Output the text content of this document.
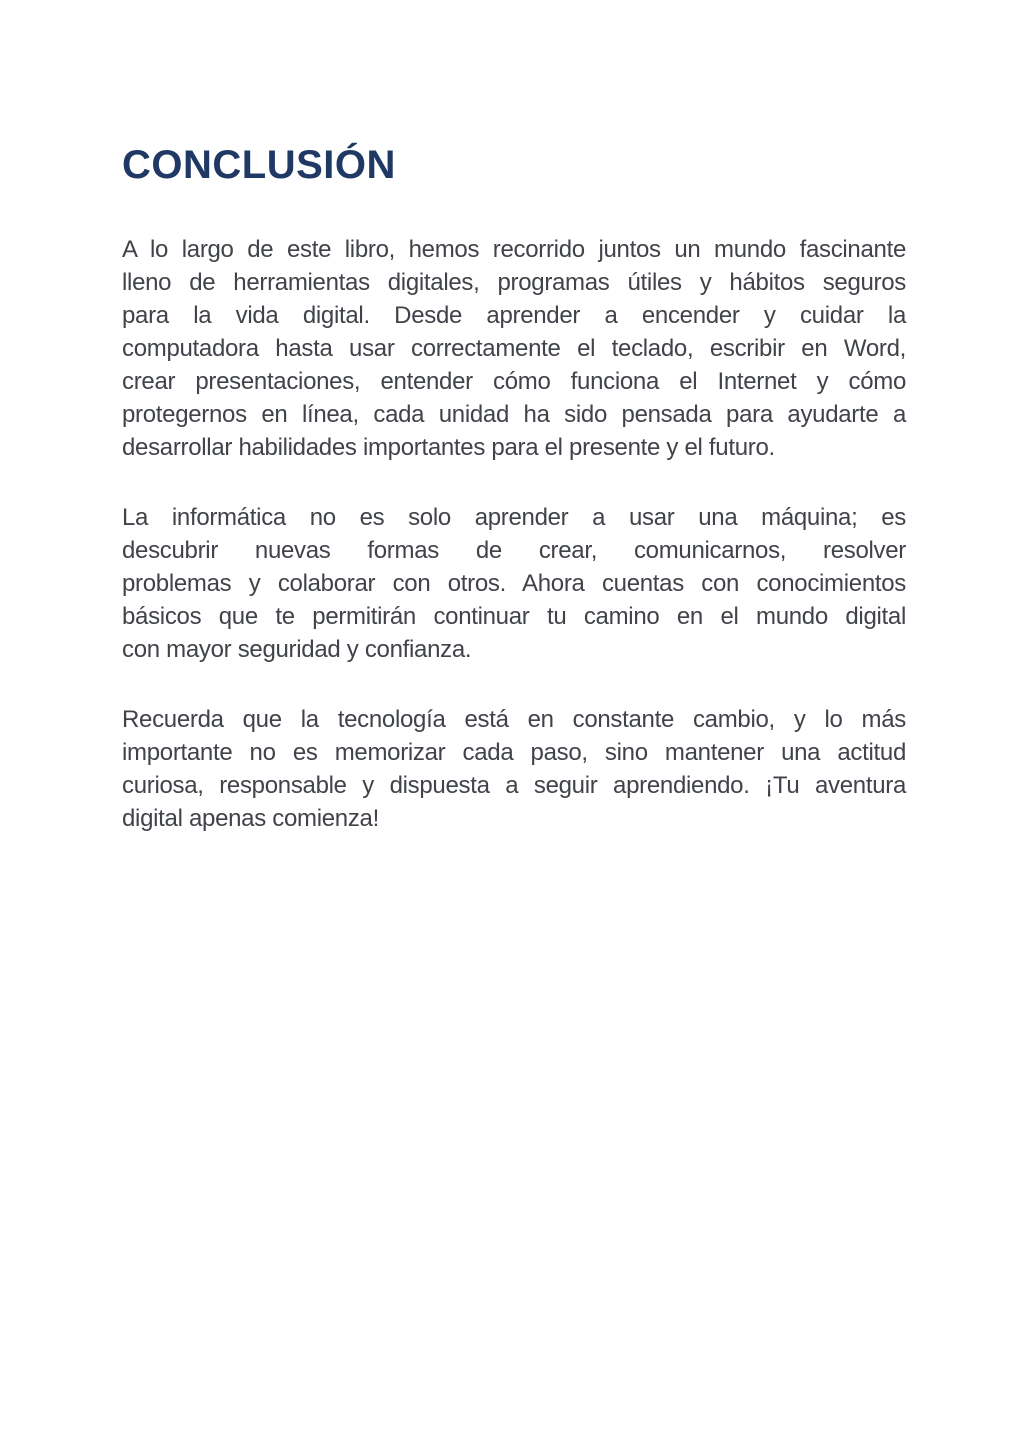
CONCLUSIÓN

A lo largo de este libro, hemos recorrido juntos un mundo fascinante
lleno de herramientas digitales, programas útiles y hábitos seguros
para la vida digital. Desde aprender a encender y cuidar la
computadora hasta usar correctamente el teclado, escribir en Word,
crear presentaciones, entender cómo funciona el Internet y cómo
protegernos en línea, cada unidad ha sido pensada para ayudarte a
desarrollar habilidades importantes para el presente y el futuro.

La informática no es solo aprender a usar una máquina; es
descubrir nuevas formas de crear, comunicarnos, resolver
problemas y colaborar con otros. Ahora cuentas con conocimientos
básicos que te permitirán continuar tu camino en el mundo digital
con mayor seguridad y confianza.

Recuerda que la tecnología está en constante cambio, y lo más
importante no es memorizar cada paso, sino mantener una actitud
curiosa, responsable y dispuesta a seguir aprendiendo. ¡Tu aventura
digital apenas comienza!
